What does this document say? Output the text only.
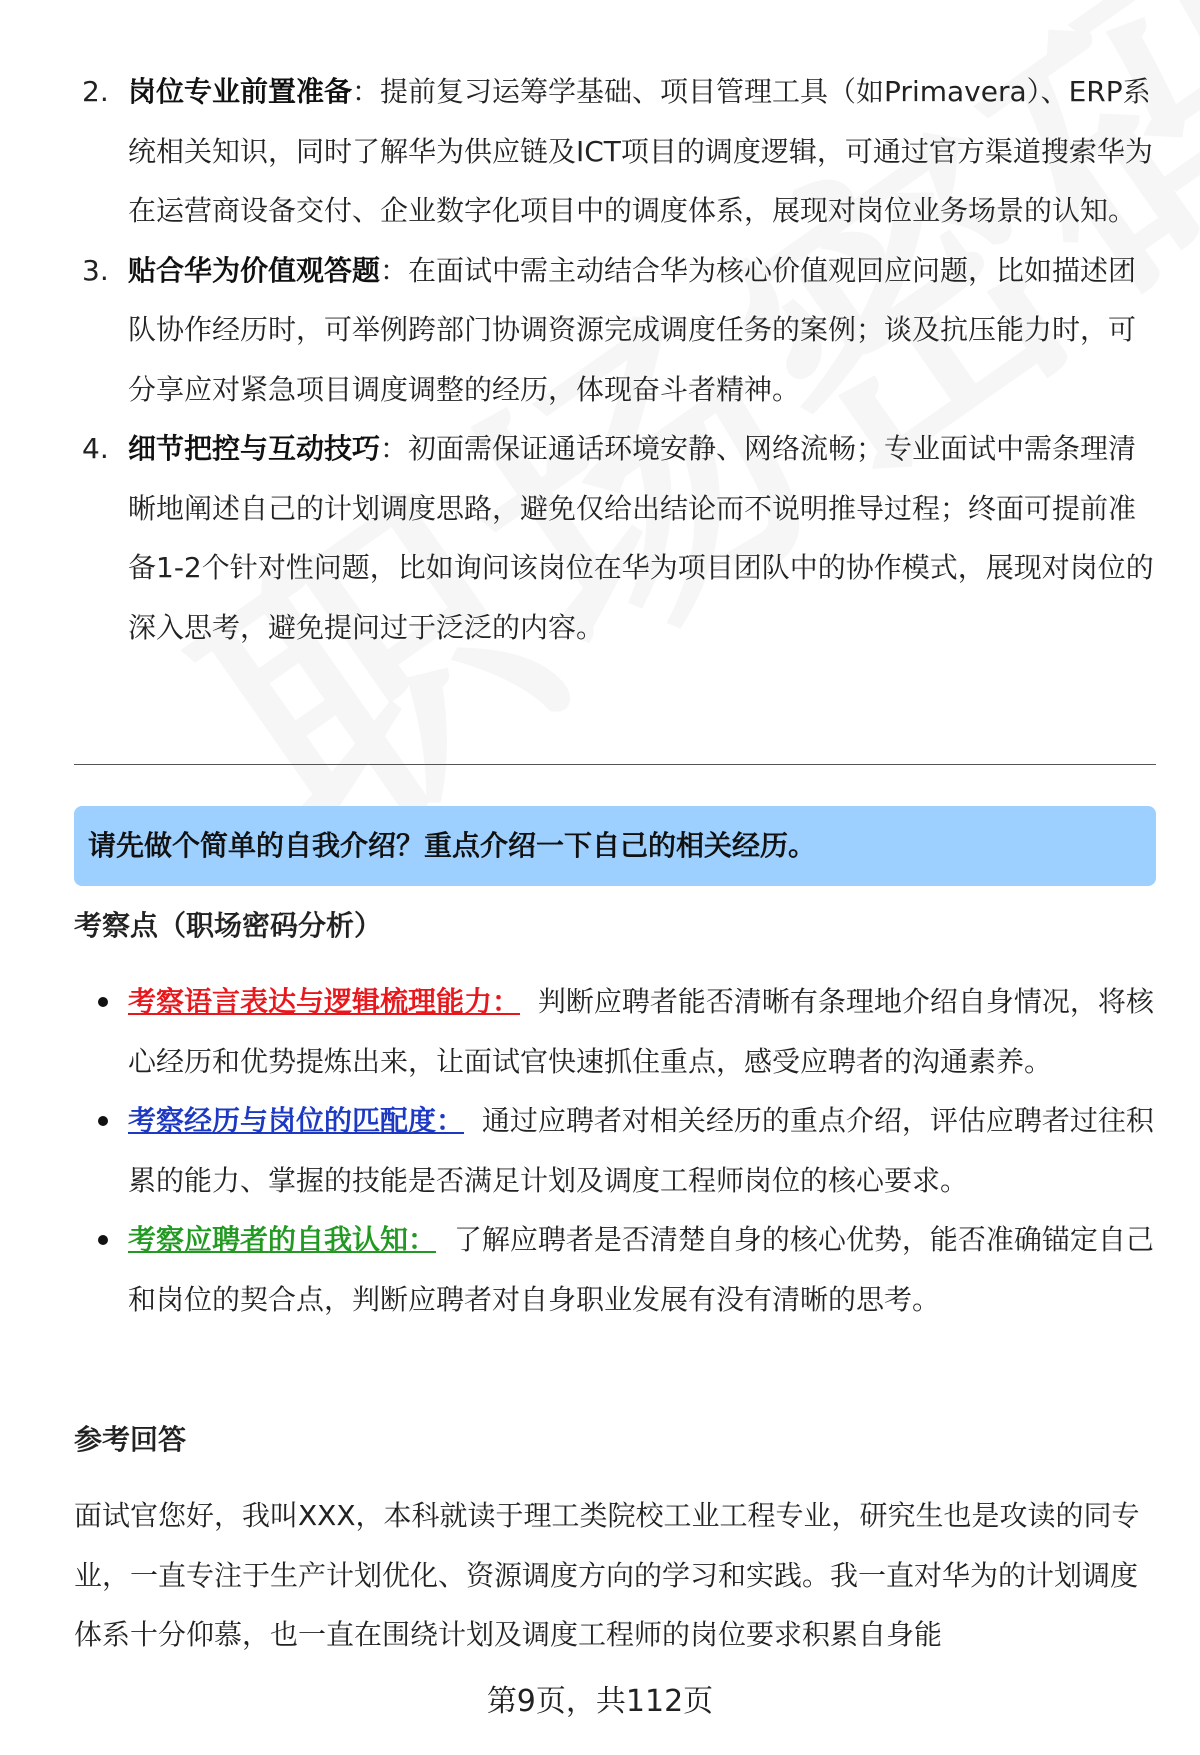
2. 岗位专业前置准备：提前复习运筹学基础、项目管理工具（如Primavera）、ERP系统相关知识，同时了解华为供应链及ICT项目的调度逻辑，可通过官方渠道搜索华为在运营商设备交付、企业数字化项目中的调度体系，展现对岗位业务场景的认知。
3. 贴合华为价值观答题：在面试中需主动结合华为核心价值观回应问题，比如描述团队协作经历时，可举例跨部门协调资源完成调度任务的案例；谈及抗压能力时，可分享应对紧急项目调度调整的经历，体现奋斗者精神。
4. 细节把控与互动技巧：初面需保证通话环境安静、网络流畅；专业面试中需条理清晰地阐述自己的计划调度思路，避免仅给出结论而不说明推导过程；终面可提前准备1-2个针对性问题，比如询问该岗位在华为项目团队中的协作模式，展现对岗位的深入思考，避免提问过于泛泛的内容。
请先做个简单的自我介绍？重点介绍一下自己的相关经历。
考察点（职场密码分析）
考察语言表达与逻辑梳理能力： 判断应聘者能否清晰有条理地介绍自身情况，将核心经历和优势提炼出来，让面试官快速抓住重点，感受应聘者的沟通素养。
考察经历与岗位的匹配度： 通过应聘者对相关经历的重点介绍，评估应聘者过往积累的能力、掌握的技能是否满足计划及调度工程师岗位的核心要求。
考察应聘者的自我认知： 了解应聘者是否清楚自身的核心优势，能否准确锚定自己和岗位的契合点，判断应聘者对自身职业发展有没有清晰的思考。
参考回答
面试官您好，我叫XXX，本科就读于理工类院校工业工程专业，研究生也是攻读的同专业，一直专注于生产计划优化、资源调度方向的学习和实践。我一直对华为的计划调度体系十分仰慕，也一直在围绕计划及调度工程师的岗位要求积累自身能
第9页，共112页
